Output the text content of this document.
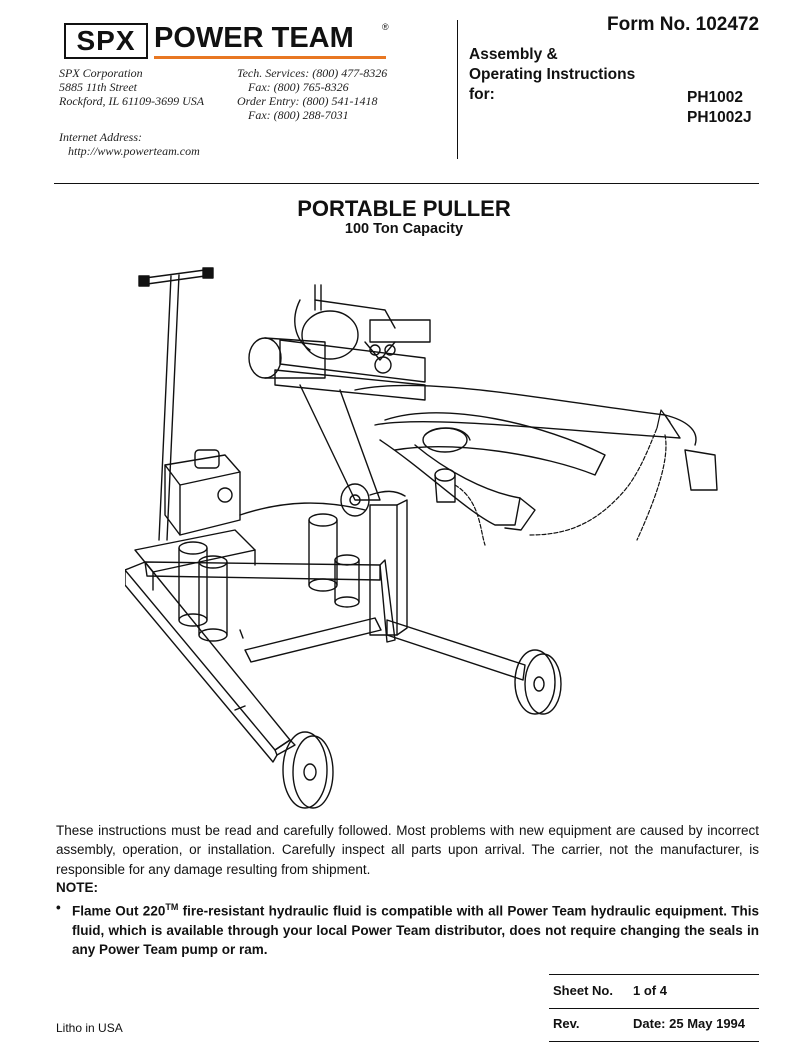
SPX POWER TEAM	®
SPX Corporation
5885 11th Street
Rockford, IL 61109-3699 USA
Internet Address:
http://www.powerteam.com
Tech. Services: (800) 477-8326
Fax: (800) 765-8326
Order Entry: (800) 541-1418
Fax: (800) 288-7031
Form No. 102472
Assembly &
Operating Instructions
for:	PH1002
PH1002J
PORTABLE PULLER
100 Ton Capacity
These instructions must be read and carefully followed. Most problems with new equipment are caused by incorrect assembly, operation, or installation. Carefully inspect all parts upon arrival. The carrier, not the manufacturer, is responsible for any damage resulting from shipment.
NOTE:
• Flame Out 220™ fire-resistant hydraulic fluid is compatible with all Power Team hydraulic equipment. This fluid, which is available through your local Power Team distributor, does not require changing the seals in any Power Team pump or ram.
Sheet No. 1 of 4
Rev.	Date: 25 May 1994
Litho in USA
